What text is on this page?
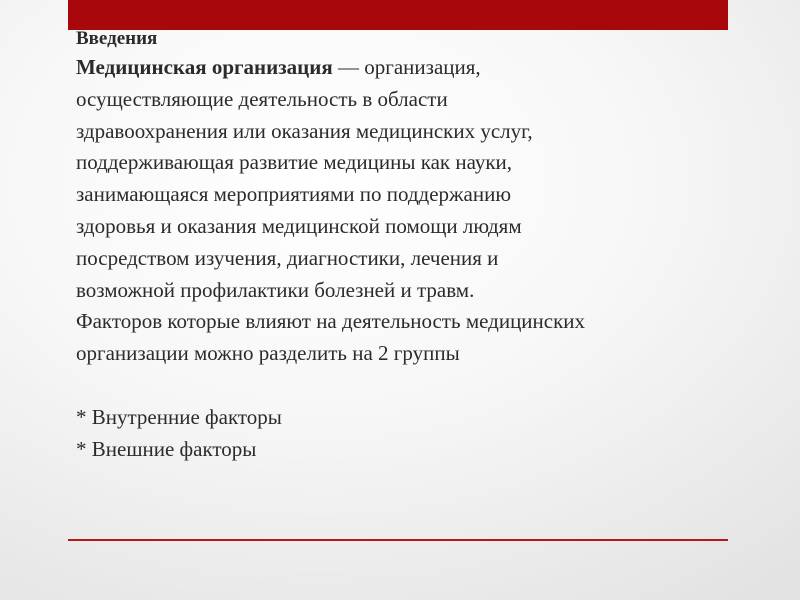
Введения
Медицинская организация — организация,
осуществляющие деятельность в области
здравоохранения или оказания медицинских услуг,
поддерживающая развитие медицины как науки,
занимающаяся мероприятиями по поддержанию
здоровья и оказания медицинской помощи людям
посредством изучения, диагностики, лечения и
возможной профилактики болезней и травм.
Факторов которые влияют на деятельность медицинских
организации можно разделить на 2 группы
* Внутренние факторы
* Внешние факторы
